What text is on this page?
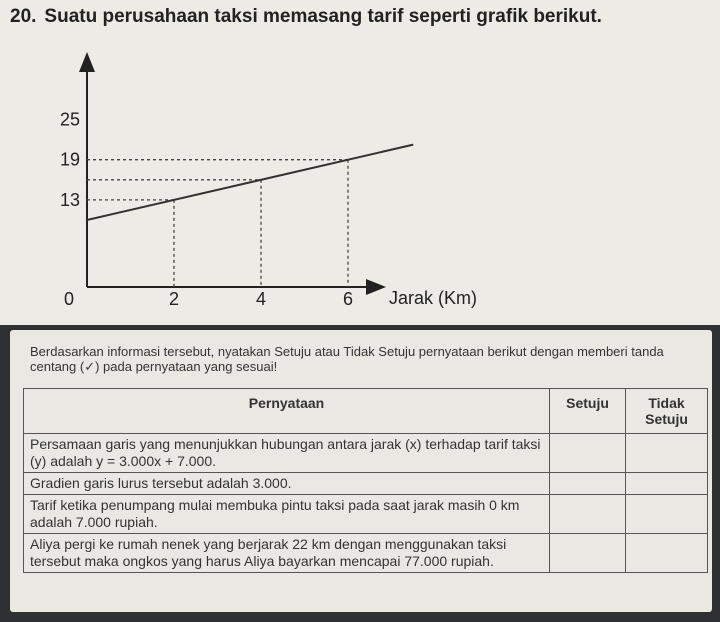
20. Suatu perusahaan taksi memasang tarif seperti grafik berikut.

13
19
25
0	2	4	6 Jarak (Km)

Berdasarkan informasi tersebut, nyatakan Setuju atau Tidak Setuju pernyataan berikut dengan memberi tanda centang (✓) pada pernyataan yang sesuai!

Pernyataan	Setuju	Tidak Setuju
Persamaan garis yang menunjukkan hubungan antara jarak (x) terhadap tarif taksi (y) adalah y = 3.000x + 7.000.		
Gradien garis lurus tersebut adalah 3.000.		
Tarif ketika penumpang mulai membuka pintu taksi pada saat jarak masih 0 km adalah 7.000 rupiah.		
Aliya pergi ke rumah nenek yang berjarak 22 km dengan menggunakan taksi tersebut maka ongkos yang harus Aliya bayarkan mencapai 77.000 rupiah.		
